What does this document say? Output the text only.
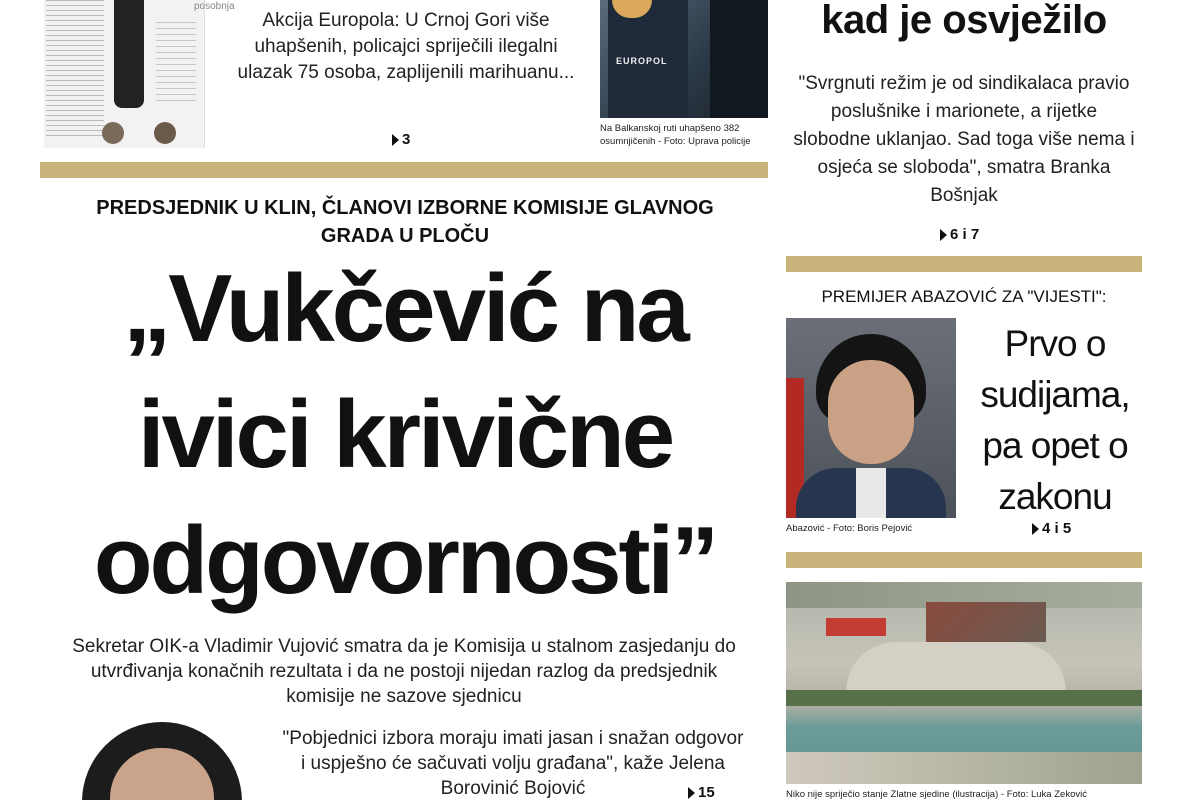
posobnja
Akcija Europola: U Crnoj Gori više uhapšenih, policajci spriječili ilegalni ulazak 75 osoba, zaplijenili marihuanu...
3
EUROPOL
Na Balkanskoj ruti uhapšeno 382 osumnjičenih - Foto: Uprava policije
kad je osvježilo
"Svrgnuti režim je od sindikalaca pravio poslušnike i marionete, a rijetke slobodne uklanjao. Sad toga više nema i osjeća se sloboda", smatra Branka Bošnjak
6 i 7
PREDSJEDNIK U KLIN, ČLANOVI IZBORNE KOMISIJE GLAVNOG GRADA U PLOČU
„Vukčević na
ivici krivične
odgovornosti”
Sekretar OIK-a Vladimir Vujović smatra da je Komisija u stalnom zasjedanju do utvrđivanja konačnih rezultata i da ne postoji nijedan razlog da predsjednik komisije ne sazove sjednicu
"Pobjednici izbora moraju imati jasan i snažan odgovor i uspješno će sačuvati volju građana", kaže Jelena Borovinić Bojović	15
PREMIJER ABAZOVIĆ ZA "VIJESTI":
Abazović - Foto: Boris Pejović
Prvo o sudijama, pa opet o zakonu
4 i 5
Niko nije spriječio stanje Zlatne sjedine (ilustracija) - Foto: Luka Zeković
